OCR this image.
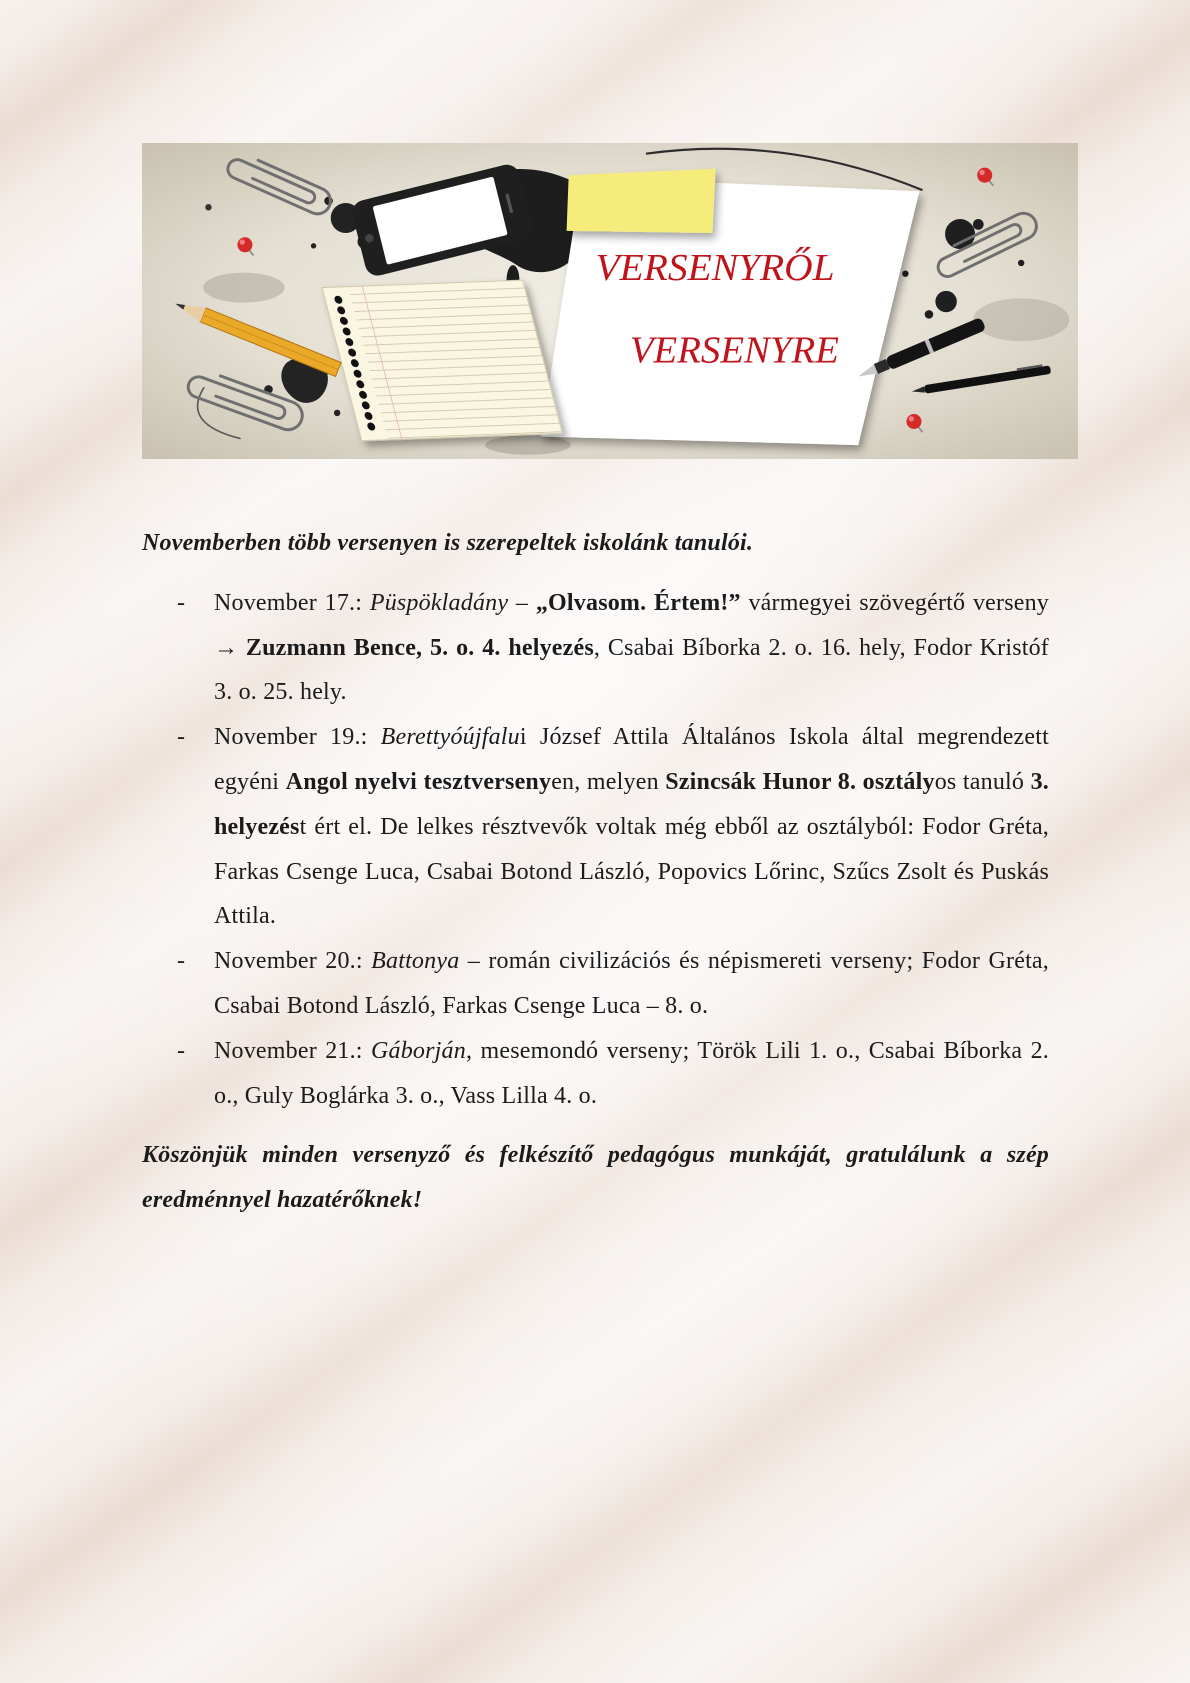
VERSENYRŐL
VERSENYRE

Novemberben több versenyen is szerepeltek iskolánk tanulói.

- November 17.: Püspökladány – „Olvasom. Értem!” vármegyei szövegértő verseny → Zuzmann Bence, 5. o. 4. helyezés, Csabai Bíborka 2. o. 16. hely, Fodor Kristóf 3. o. 25. hely.
- November 19.: Berettyóújfalui József Attila Általános Iskola által megrendezett egyéni Angol nyelvi tesztversenyen, melyen Szincsák Hunor 8. osztályos tanuló 3. helyezést ért el. De lelkes résztvevők voltak még ebből az osztályból: Fodor Gréta, Farkas Csenge Luca, Csabai Botond László, Popovics Lőrinc, Szűcs Zsolt és Puskás Attila.
- November 20.: Battonya – román civilizációs és népismereti verseny; Fodor Gréta, Csabai Botond László, Farkas Csenge Luca – 8. o.
- November 21.: Gáborján, mesemondó verseny; Török Lili 1. o., Csabai Bíborka 2. o., Guly Boglárka 3. o., Vass Lilla 4. o.

Köszönjük minden versenyző és felkészítő pedagógus munkáját, gratulálunk a szép eredménnyel hazatérőknek!
